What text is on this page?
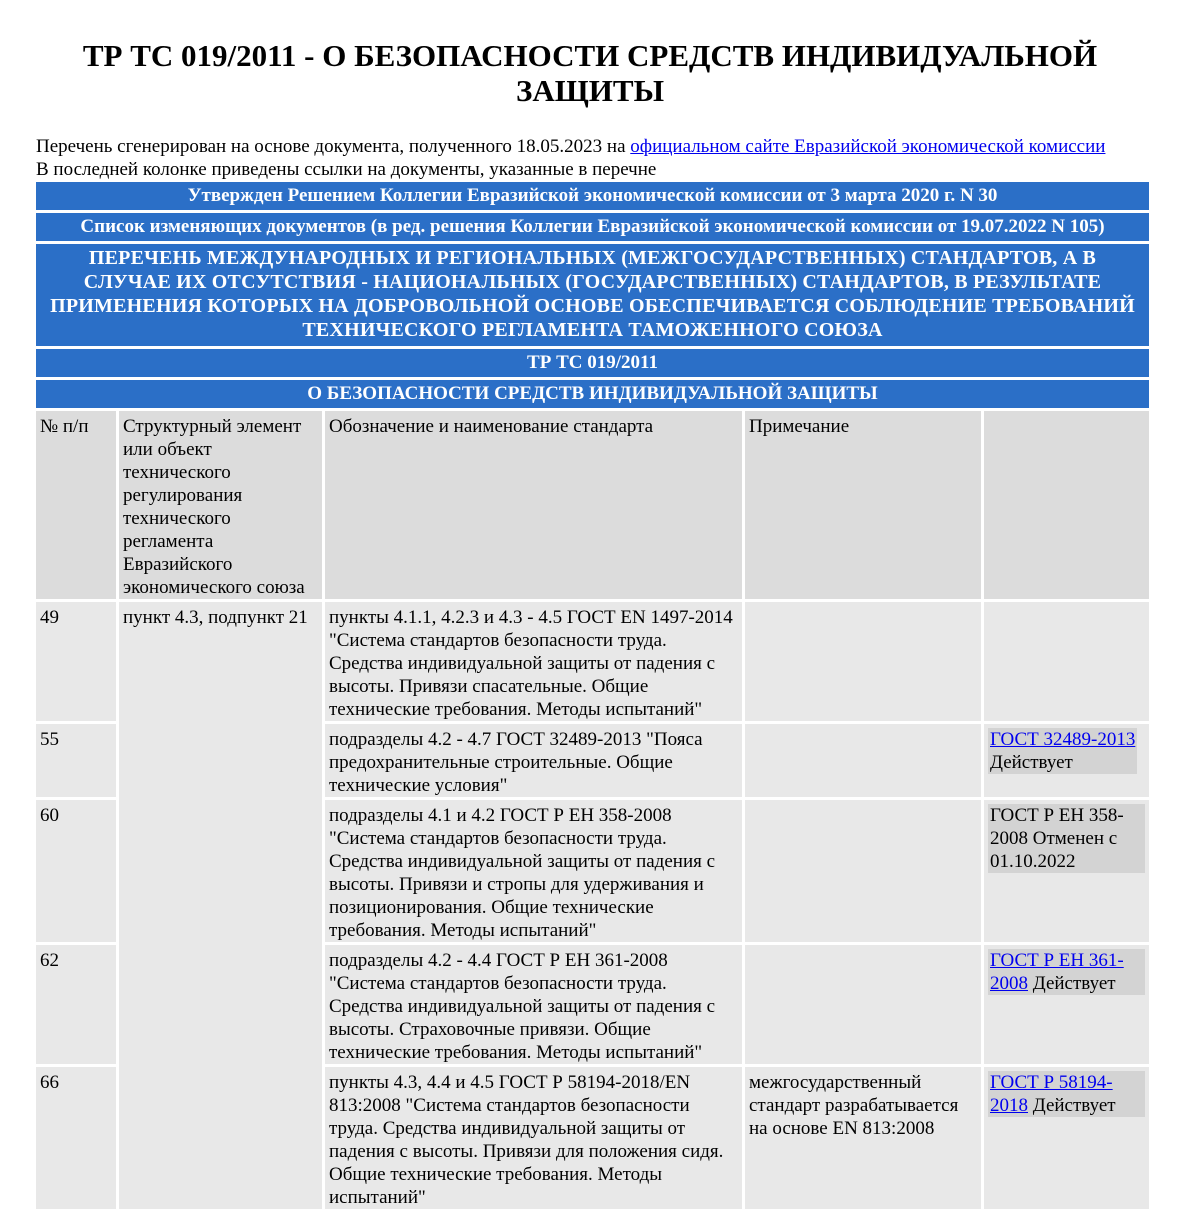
ТР ТС 019/2011 - О БЕЗОПАСНОСТИ СРЕДСТВ ИНДИВИДУАЛЬНОЙ ЗАЩИТЫ
Перечень сгенерирован на основе документа, полученного 18.05.2023 на официальном сайте Евразийской экономической комиссии
В последней колонке приведены ссылки на документы, указанные в перечне
Утвержден Решением Коллегии Евразийской экономической комиссии от 3 марта 2020 г. N 30				
Список изменяющих документов (в ред. решения Коллегии Евразийской экономической комиссии от 19.07.2022 N 105)				
ПЕРЕЧЕНЬ МЕЖДУНАРОДНЫХ И РЕГИОНАЛЬНЫХ (МЕЖГОСУДАРСТВЕННЫХ) СТАНДАРТОВ, А В СЛУЧАЕ ИХ ОТСУТСТВИЯ - НАЦИОНАЛЬНЫХ (ГОСУДАРСТВЕННЫХ) СТАНДАРТОВ, В РЕЗУЛЬТАТЕ ПРИМЕНЕНИЯ КОТОРЫХ НА ДОБРОВОЛЬНОЙ ОСНОВЕ ОБЕСПЕЧИВАЕТСЯ СОБЛЮДЕНИЕ ТРЕБОВАНИЙ ТЕХНИЧЕСКОГО РЕГЛАМЕНТА ТАМОЖЕННОГО СОЮЗА				
ТР ТС 019/2011				
О БЕЗОПАСНОСТИ СРЕДСТВ ИНДИВИДУАЛЬНОЙ ЗАЩИТЫ				
№ п/п	Структурный элемент или объект технического регулирования технического регламента Евразийского экономического союза	Обозначение и наименование стандарта	Примечание	
49	пункт 4.3, подпункт 21	пункты 4.1.1, 4.2.3 и 4.3 - 4.5 ГОСТ EN 1497-2014 "Система стандартов безопасности труда. Средства индивидуальной защиты от падения с высоты. Привязи спасательные. Общие технические требования. Методы испытаний"		
55		подразделы 4.2 - 4.7 ГОСТ 32489-2013 "Пояса предохранительные строительные. Общие технические условия"		ГОСТ 32489-2013
Действует
60		подразделы 4.1 и 4.2 ГОСТ Р ЕН 358-2008 "Система стандартов безопасности труда. Средства индивидуальной защиты от падения с высоты. Привязи и стропы для удерживания и позиционирования. Общие технические требования. Методы испытаний"		ГОСТ Р ЕН 358-2008 Отменен с 01.10.2022
62		подразделы 4.2 - 4.4 ГОСТ Р ЕН 361-2008 "Система стандартов безопасности труда. Средства индивидуальной защиты от падения с высоты. Страховочные привязи. Общие технические требования. Методы испытаний"		ГОСТ Р ЕН 361-2008 Действует
66		пункты 4.3, 4.4 и 4.5 ГОСТ Р 58194-2018/EN 813:2008 "Система стандартов безопасности труда. Средства индивидуальной защиты от падения с высоты. Привязи для положения сидя. Общие технические требования. Методы испытаний"	межгосударственный стандарт разрабатывается на основе EN 813:2008	ГОСТ Р 58194-2018 Действует
